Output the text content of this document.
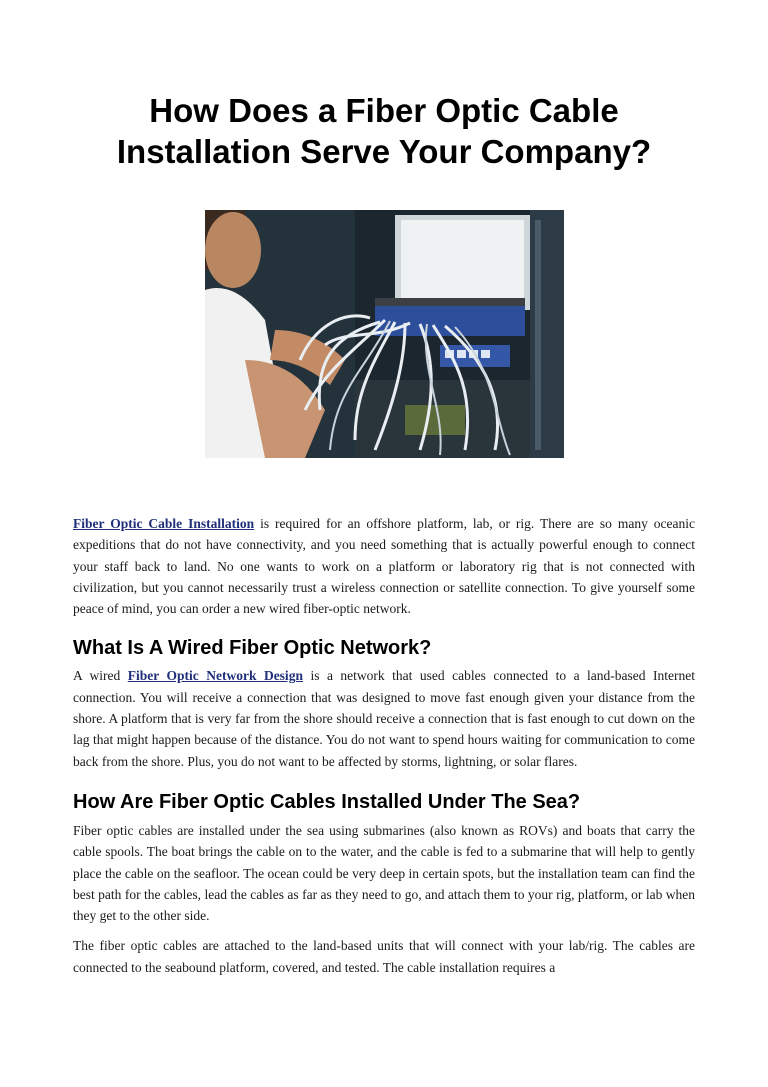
How Does a Fiber Optic Cable Installation Serve Your Company?

Fiber Optic Cable Installation is required for an offshore platform, lab, or rig. There are so many oceanic expeditions that do not have connectivity, and you need something that is actually powerful enough to connect your staff back to land. No one wants to work on a platform or laboratory rig that is not connected with civilization, but you cannot necessarily trust a wireless connection or satellite connection. To give yourself some peace of mind, you can order a new wired fiber-optic network.

What Is A Wired Fiber Optic Network?

A wired Fiber Optic Network Design is a network that used cables connected to a land-based Internet connection. You will receive a connection that was designed to move fast enough given your distance from the shore. A platform that is very far from the shore should receive a connection that is fast enough to cut down on the lag that might happen because of the distance. You do not want to spend hours waiting for communication to come back from the shore. Plus, you do not want to be affected by storms, lightning, or solar flares.

How Are Fiber Optic Cables Installed Under The Sea?

Fiber optic cables are installed under the sea using submarines (also known as ROVs) and boats that carry the cable spools. The boat brings the cable on to the water, and the cable is fed to a submarine that will help to gently place the cable on the seafloor. The ocean could be very deep in certain spots, but the installation team can find the best path for the cables, lead the cables as far as they need to go, and attach them to your rig, platform, or lab when they get to the other side.

The fiber optic cables are attached to the land-based units that will connect with your lab/rig. The cables are connected to the seabound platform, covered, and tested. The cable installation requires a
